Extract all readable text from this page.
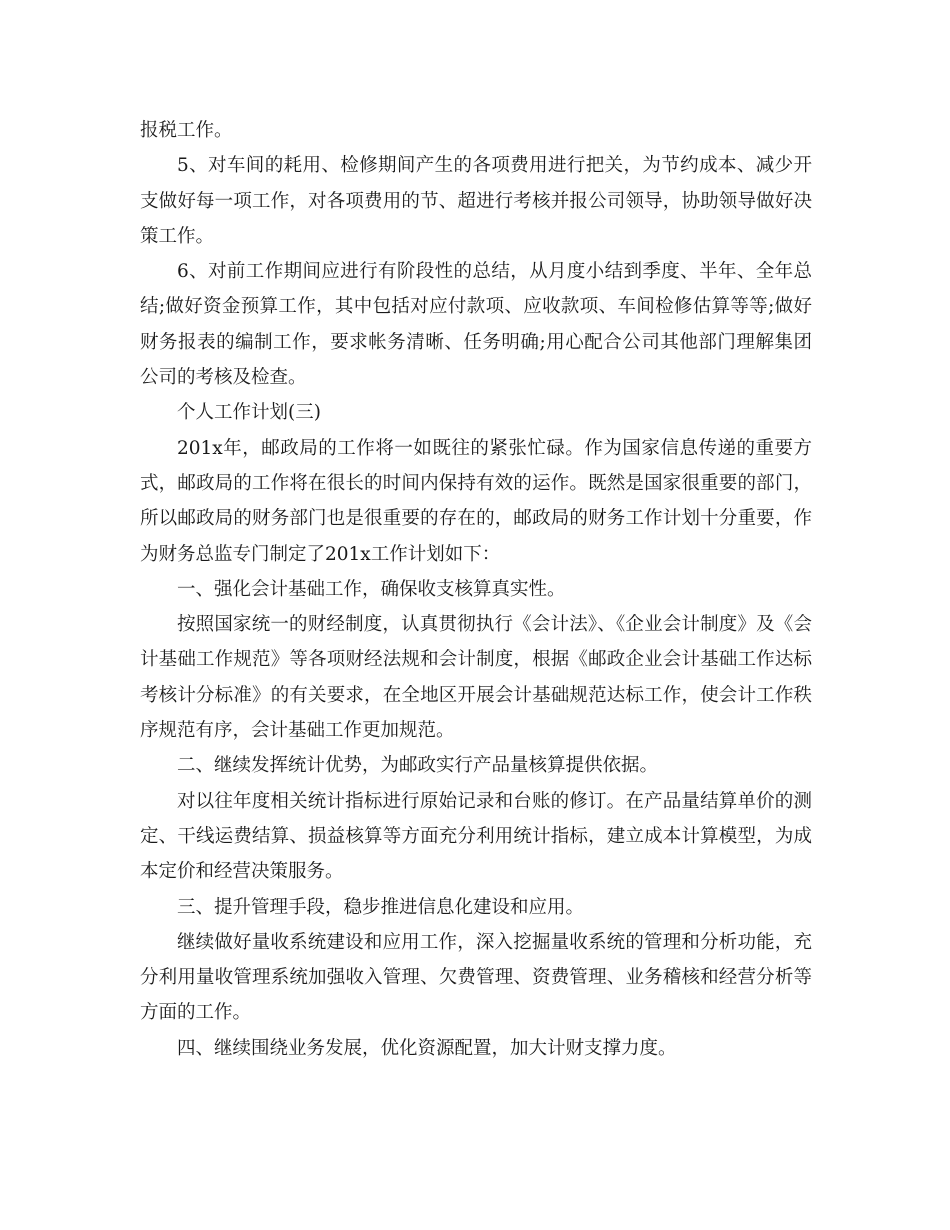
报税工作。

5、对车间的耗用、检修期间产生的各项费用进行把关，为节约成本、减少开支做好每一项工作，对各项费用的节、超进行考核并报公司领导，协助领导做好决策工作。

6、对前工作期间应进行有阶段性的总结，从月度小结到季度、半年、全年总结;做好资金预算工作，其中包括对应付款项、应收款项、车间检修估算等等;做好财务报表的编制工作，要求帐务清晰、任务明确;用心配合公司其他部门理解集团公司的考核及检查。

个人工作计划(三)

201x年，邮政局的工作将一如既往的紧张忙碌。作为国家信息传递的重要方式，邮政局的工作将在很长的时间内保持有效的运作。既然是国家很重要的部门，所以邮政局的财务部门也是很重要的存在的，邮政局的财务工作计划十分重要，作为财务总监专门制定了201x工作计划如下：

一、强化会计基础工作，确保收支核算真实性。

按照国家统一的财经制度，认真贯彻执行《会计法》、《企业会计制度》及《会计基础工作规范》等各项财经法规和会计制度，根据《邮政企业会计基础工作达标考核计分标准》的有关要求，在全地区开展会计基础规范达标工作，使会计工作秩序规范有序，会计基础工作更加规范。

二、继续发挥统计优势，为邮政实行产品量核算提供依据。

对以往年度相关统计指标进行原始记录和台账的修订。在产品量结算单价的测定、干线运费结算、损益核算等方面充分利用统计指标，建立成本计算模型，为成本定价和经营决策服务。

三、提升管理手段，稳步推进信息化建设和应用。

继续做好量收系统建设和应用工作，深入挖掘量收系统的管理和分析功能，充分利用量收管理系统加强收入管理、欠费管理、资费管理、业务稽核和经营分析等方面的工作。

四、继续围绕业务发展，优化资源配置，加大计财支撑力度。
